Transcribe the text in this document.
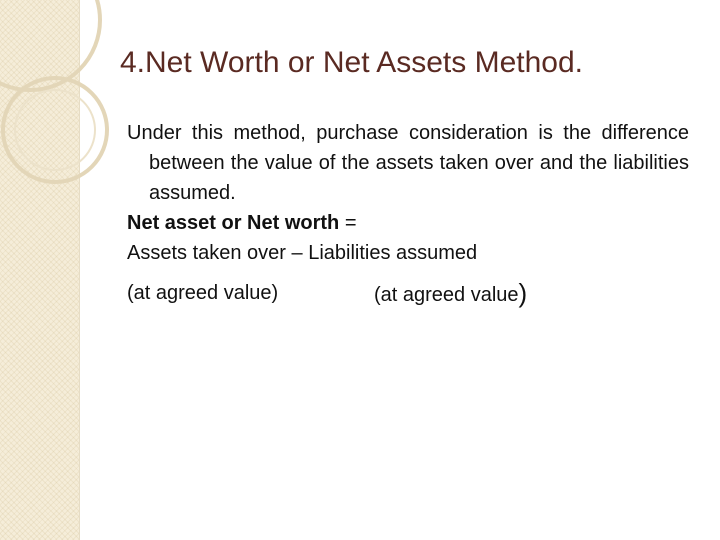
4.Net Worth or Net Assets Method.

Under this method, purchase consideration is the difference between the value of the assets taken over and the liabilities assumed.

Net asset or Net worth =

Assets taken over – Liabilities assumed

(at agreed value)	(at agreed value)
